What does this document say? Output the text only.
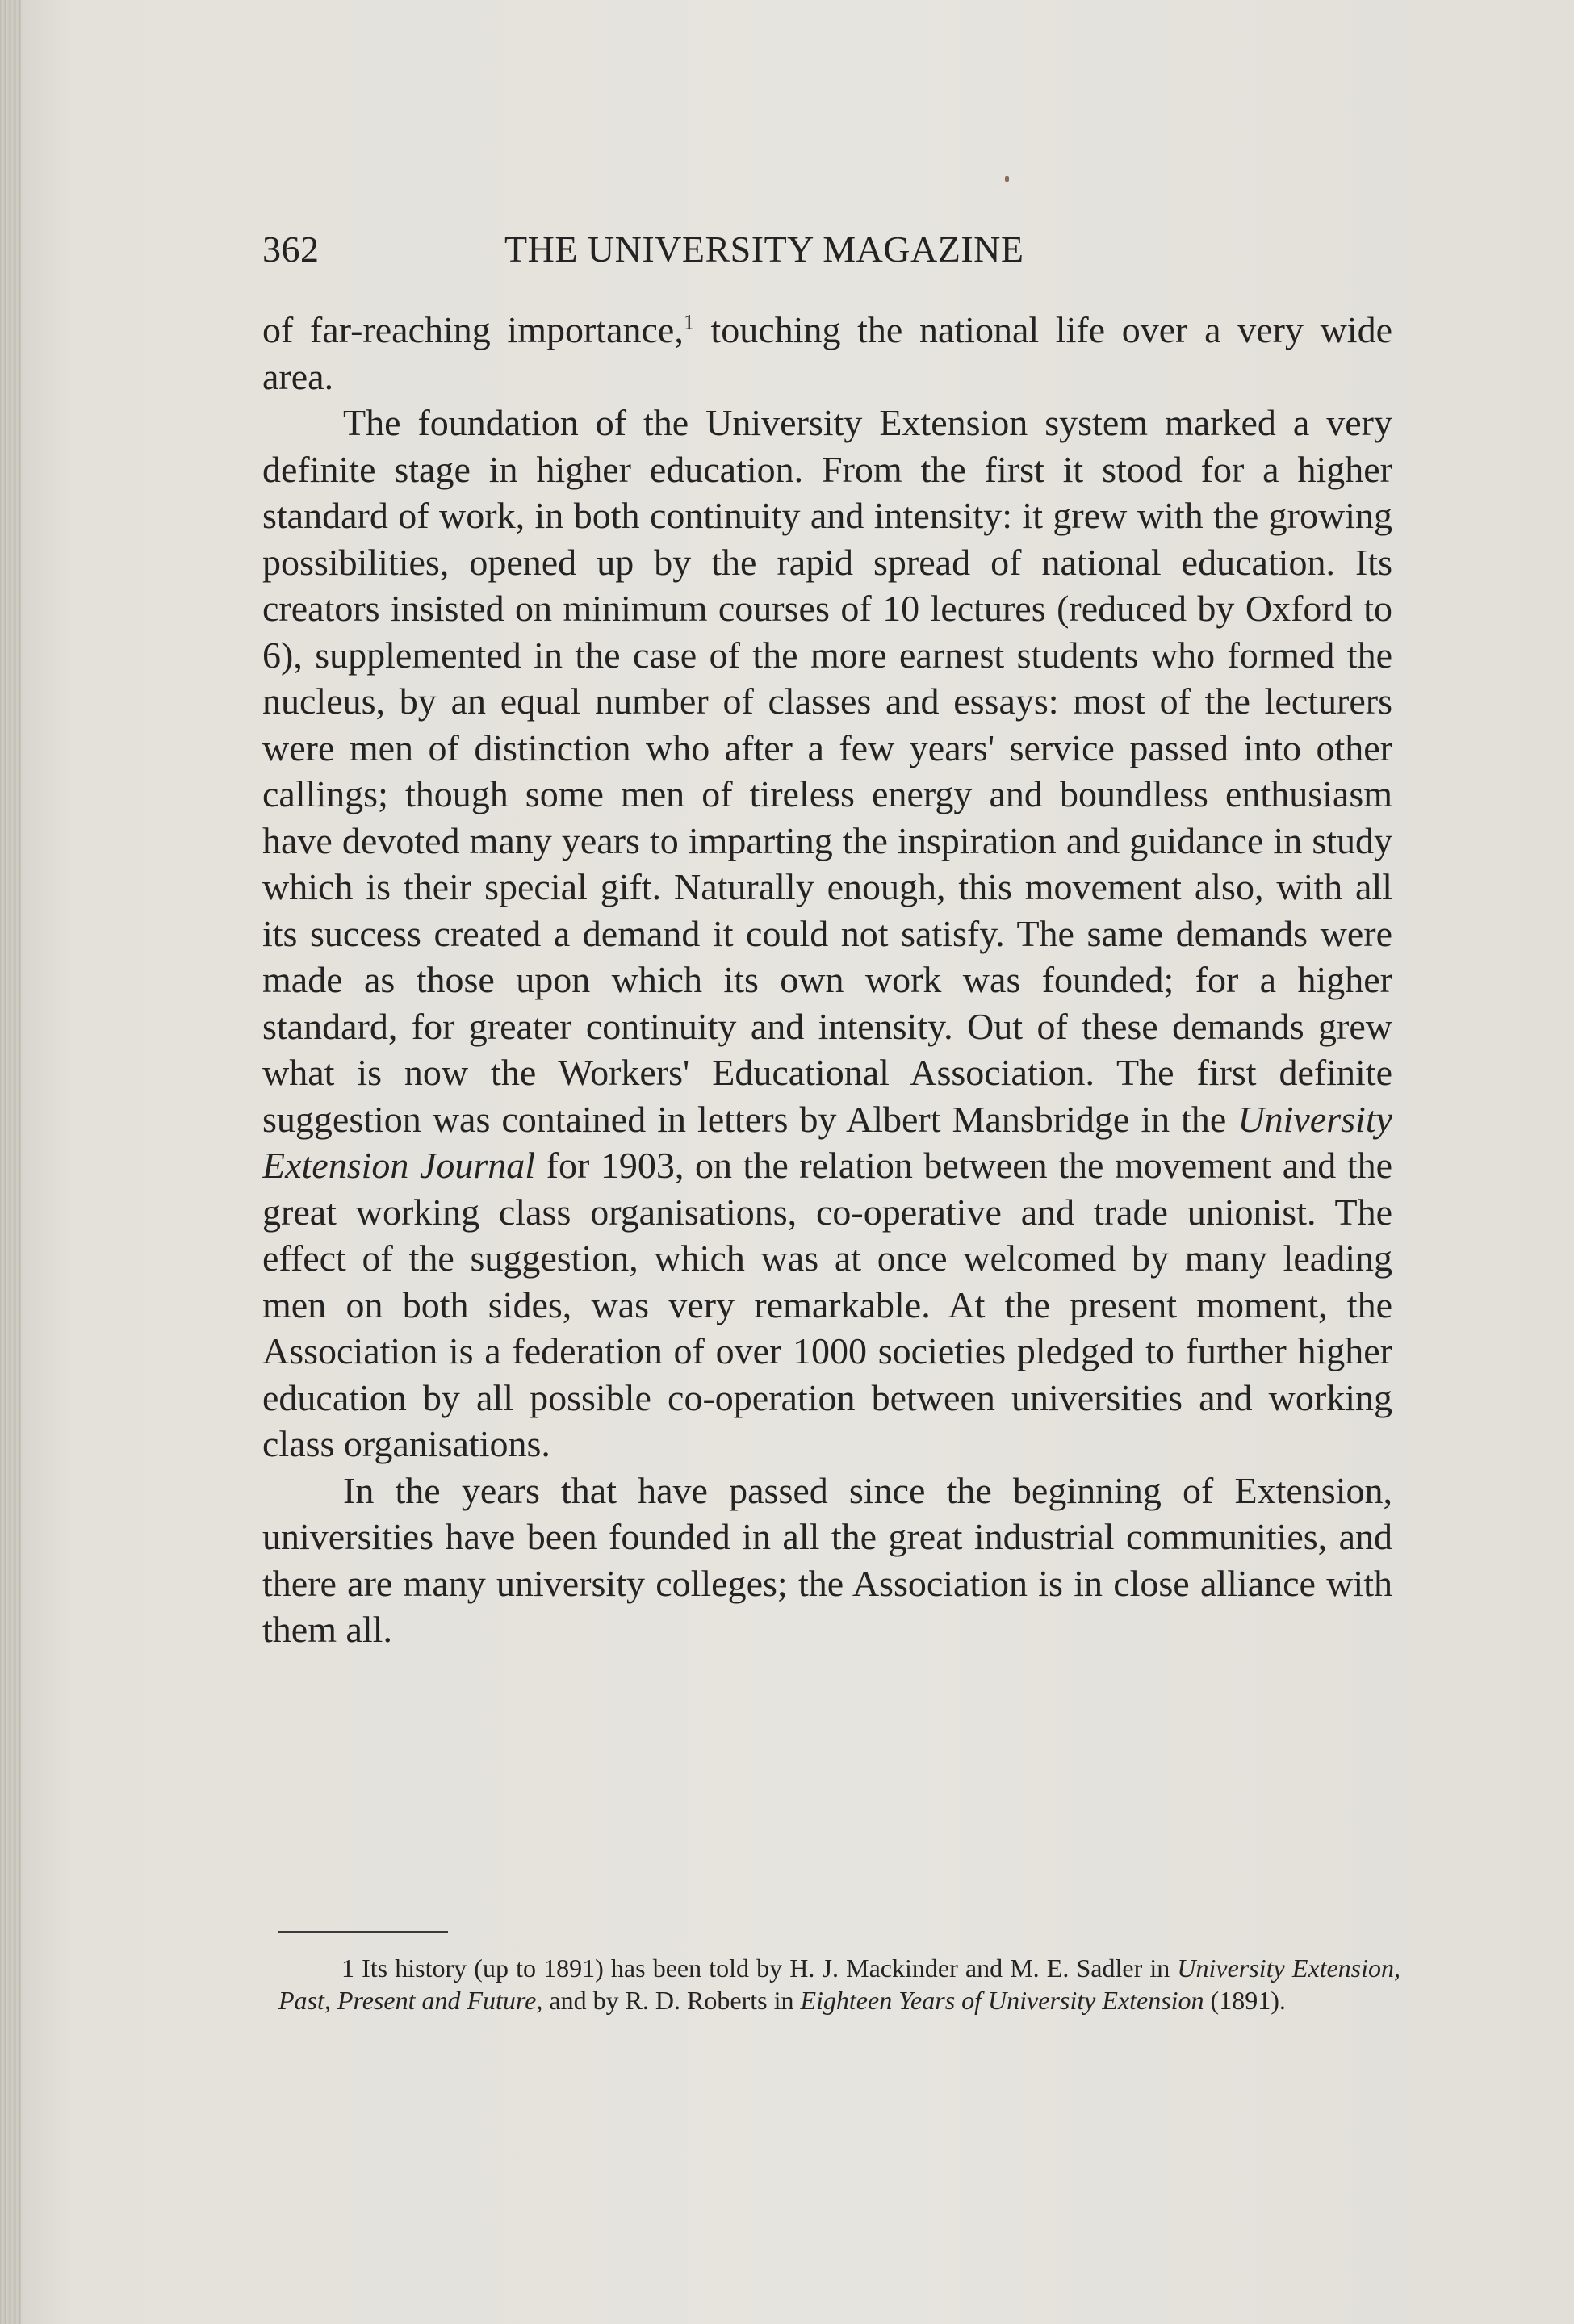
362	THE UNIVERSITY MAGAZINE

of far-reaching importance,$^1$ touching the national life over a very wide area.

The foundation of the University Extension system marked a very definite stage in higher education. From the first it stood for a higher standard of work, in both continuity and intensity: it grew with the growing possibilities, opened up by the rapid spread of national education. Its creators insisted on minimum courses of 10 lectures (reduced by Oxford to 6), supplemented in the case of the more earnest students who formed the nucleus, by an equal number of classes and essays: most of the lecturers were men of distinction who after a few years' service passed into other callings; though some men of tireless energy and boundless enthusiasm have devoted many years to imparting the inspiration and guidance in study which is their special gift. Naturally enough, this movement also, with all its success created a demand it could not satisfy. The same demands were made as those upon which its own work was founded; for a higher standard, for greater continuity and intensity. Out of these demands grew what is now the Workers' Educational Association. The first definite suggestion was contained in letters by Albert Mansbridge in the University Extension Journal for 1903, on the relation between the movement and the great working class organisations, co-operative and trade unionist. The effect of the suggestion, which was at once welcomed by many leading men on both sides, was very remarkable. At the present moment, the Association is a federation of over 1000 societies pledged to further higher education by all possible co-operation between universities and working class organisations.

In the years that have passed since the beginning of Extension, universities have been founded in all the great industrial communities, and there are many university colleges; the Association is in close alliance with them all.

1 Its history (up to 1891) has been told by H. J. Mackinder and M. E. Sadler in University Extension, Past, Present and Future, and by R. D. Roberts in Eighteen Years of University Extension (1891).
